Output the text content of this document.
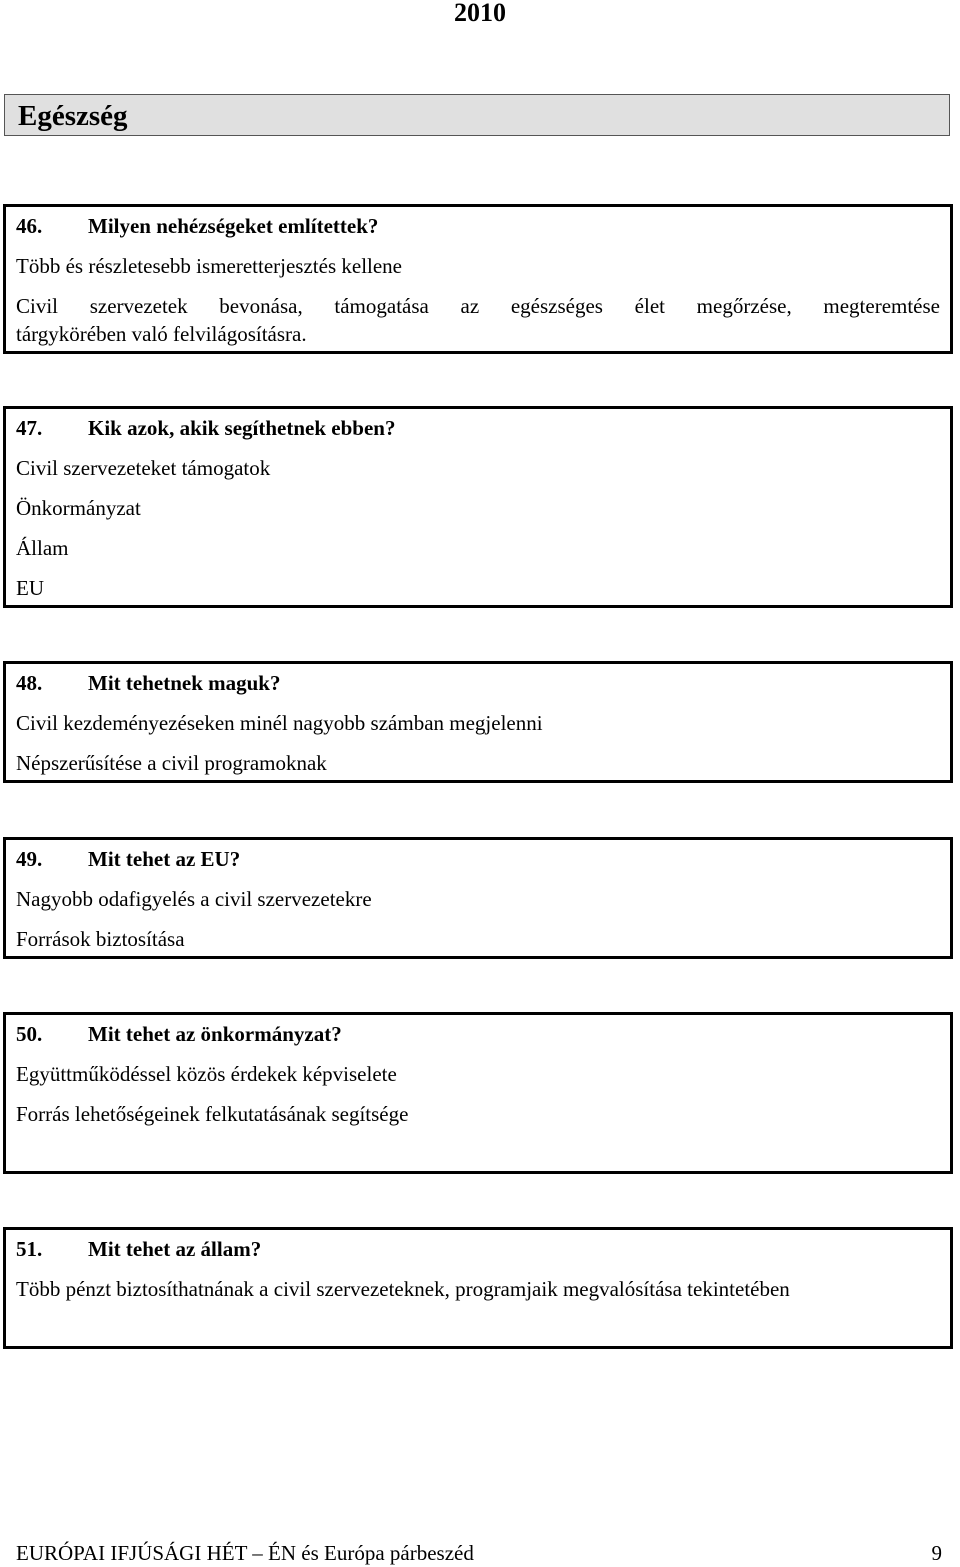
2010
Egészség
46. Milyen nehézségeket említettek?
Több és részletesebb ismeretterjesztés kellene
Civil szervezetek bevonása, támogatása az egészséges élet megőrzése, megteremtése
tárgykörében való felvilágosításra.
47. Kik azok, akik segíthetnek ebben?
Civil szervezeteket támogatok
Önkormányzat
Állam
EU
48. Mit tehetnek maguk?
Civil kezdeményezéseken minél nagyobb számban megjelenni
Népszerűsítése a civil programoknak
49. Mit tehet az EU?
Nagyobb odafigyelés a civil szervezetekre
Források biztosítása
50. Mit tehet az önkormányzat?
Együttműködéssel közös érdekek képviselete
Forrás lehetőségeinek felkutatásának segítsége
51. Mit tehet az állam?
Több pénzt biztosíthatnának a civil szervezeteknek, programjaik megvalósítása tekintetében
EURÓPAI IFJÚSÁGI HÉT – ÉN és Európa párbeszéd	9
